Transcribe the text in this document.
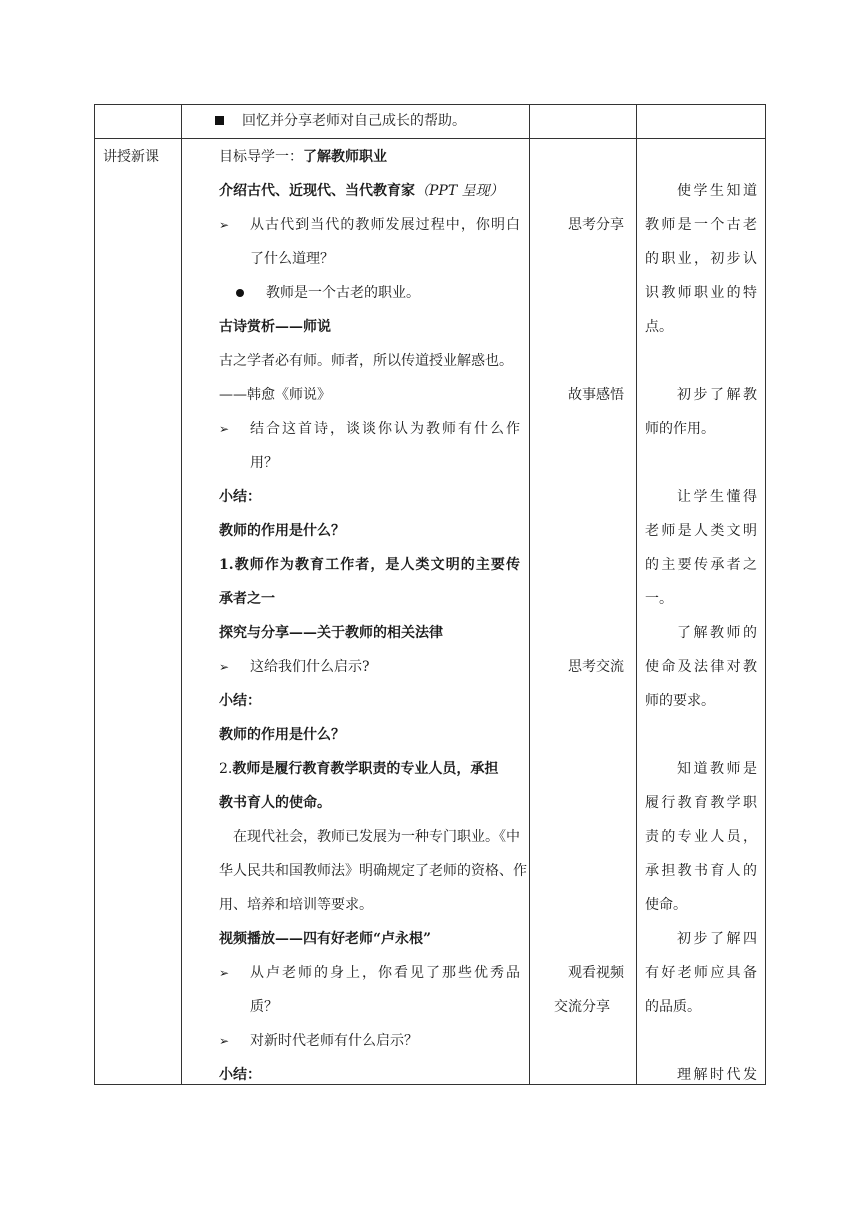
回忆并分享老师对自己成长的帮助。
讲授新课	目标导学一：了解教师职业
介绍古代、近现代、当代教育家（PPT 呈现）
➢ 从古代到当代的教师发展过程中，你明白
了什么道理？
教师是一个古老的职业。
古诗赏析——师说
古之学者必有师。师者，所以传道授业解惑也。
——韩愈《师说》
➢ 结合这首诗，谈谈你认为教师有什么作
用？
小结：
教师的作用是什么？
1.教师作为教育工作者，是人类文明的主要传
承者之一
探究与分享——关于教师的相关法律
➢ 这给我们什么启示?
小结：
教师的作用是什么？
2.教师是履行教育教学职责的专业人员，承担
教书育人的使命。
在现代社会，教师已发展为一种专门职业。《中
华人民共和国教师法》明确规定了老师的资格、作
用、培养和培训等要求。
视频播放——四有好老师“卢永根”
➢ 从卢老师的身上，你看见了那些优秀品
质？
➢ 对新时代老师有什么启示？
小结：
思考分享
故事感悟
思考交流
观看视频
交流分享
使学生知道
教师是一个古老
的职业，初步认
识教师职业的特
点。
初步了解教
师的作用。
让学生懂得
老师是人类文明
的主要传承者之
一。
了解教师的
使命及法律对教
师的要求。
知道教师是
履行教育教学职
责的专业人员，
承担教书育人的
使命。
初步了解四
有好老师应具备
的品质。
理解时代发
